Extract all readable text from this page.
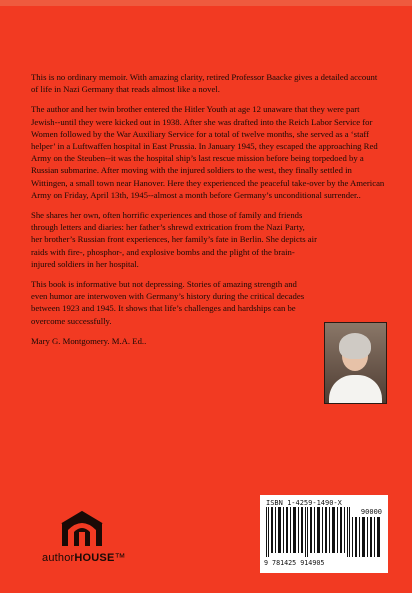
This is no ordinary memoir. With amazing clarity, retired Professor Baacke gives a detailed account of life in Nazi Germany that reads almost like a novel.

The author and her twin brother entered the Hitler Youth at age 12 unaware that they were part Jewish--until they were kicked out in 1938. After she was drafted into the Reich Labor Service for Women followed by the War Auxiliary Service for a total of twelve months, she served as a ‘staff helper’ in a Luftwaffen hospital in East Prussia. In January 1945, they escaped the approaching Red Army on the Steuben--it was the hospital ship’s last rescue mission before being torpedoed by a Russian submarine. After moving with the injured soldiers to the west, they finally settled in Wittingen, a small town near Hanover. Here they experienced the peaceful take-over by the American Army on Friday, April 13th, 1945--almost a month before Germany’s unconditional surrender..

She shares her own, often horrific experiences and those of family and friends through letters and diaries: her father’s shrewd extrication from the Nazi Party, her brother’s Russian front experiences, her family’s fate in Berlin. She depicts air raids with fire-, phosphor-, and explosive bombs and the plight of the brain-injured soldiers in her hospital.

This book is informative but not depressing. Stories of amazing strength and even humor are interwoven with Germany’s history during the critical decades between 1923 and 1945. It shows that life’s challenges and hardships can be overcome successfully.

Mary G. Montgomery. M.A. Ed..

authorHOUSE™
ISBN 1-4259-1490-X
90000
9 781425 914905
